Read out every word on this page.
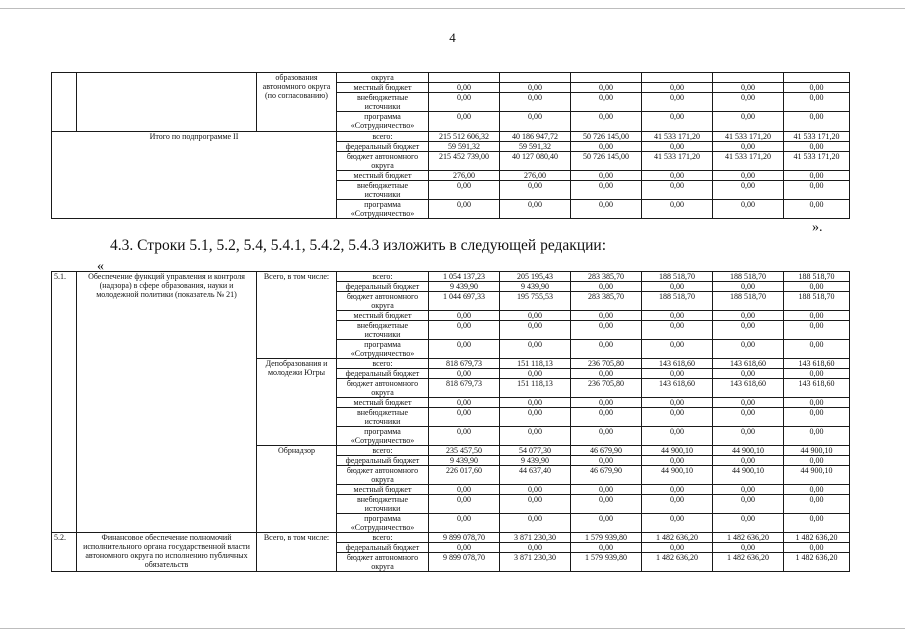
4
		образования автономного округа (по согласованию)	округа						
			местный бюджет	0,00	0,00	0,00	0,00	0,00	0,00
			внебюджетные источники	0,00	0,00	0,00	0,00	0,00	0,00
			программа «Сотрудничество»	0,00	0,00	0,00	0,00	0,00	0,00
Итого по подпрограмме II			всего:	215 512 606,32	40 186 947,72	50 726 145,00	41 533 171,20	41 533 171,20	41 533 171,20
			федеральный бюджет	59 591,32	59 591,32	0,00	0,00	0,00	0,00
			бюджет автономного округа	215 452 739,00	40 127 080,40	50 726 145,00	41 533 171,20	41 533 171,20	41 533 171,20
			местный бюджет	276,00	276,00	0,00	0,00	0,00	0,00
			внебюджетные источники	0,00	0,00	0,00	0,00	0,00	0,00
			программа «Сотрудничество»	0,00	0,00	0,00	0,00	0,00	0,00
».
4.3. Строки 5.1, 5.2, 5.4, 5.4.1, 5.4.2, 5.4.3 изложить в следующей редакции:
«
5.1.	Обеспечение функций управления и контроля (надзора) в сфере образования, науки и молодежной политики (показатель № 21)	Всего, в том числе:	всего:	1 054 137,23	205 195,43	283 385,70	188 518,70	188 518,70	188 518,70
			федеральный бюджет	9 439,90	9 439,90	0,00	0,00	0,00	0,00
			бюджет автономного округа	1 044 697,33	195 755,53	283 385,70	188 518,70	188 518,70	188 518,70
			местный бюджет	0,00	0,00	0,00	0,00	0,00	0,00
			внебюджетные источники	0,00	0,00	0,00	0,00	0,00	0,00
			программа «Сотрудничество»	0,00	0,00	0,00	0,00	0,00	0,00
		Депобразования и молодежи Югры	всего:	818 679,73	151 118,13	236 705,80	143 618,60	143 618,60	143 618,60
			федеральный бюджет	0,00	0,00	0,00	0,00	0,00	0,00
			бюджет автономного округа	818 679,73	151 118,13	236 705,80	143 618,60	143 618,60	143 618,60
			местный бюджет	0,00	0,00	0,00	0,00	0,00	0,00
			внебюджетные источники	0,00	0,00	0,00	0,00	0,00	0,00
			программа «Сотрудничество»	0,00	0,00	0,00	0,00	0,00	0,00
		Обрнадзор	всего:	235 457,50	54 077,30	46 679,90	44 900,10	44 900,10	44 900,10
			федеральный бюджет	9 439,90	9 439,90	0,00	0,00	0,00	0,00
			бюджет автономного округа	226 017,60	44 637,40	46 679,90	44 900,10	44 900,10	44 900,10
			местный бюджет	0,00	0,00	0,00	0,00	0,00	0,00
			внебюджетные источники	0,00	0,00	0,00	0,00	0,00	0,00
			программа «Сотрудничество»	0,00	0,00	0,00	0,00	0,00	0,00
5.2.	Финансовое обеспечение полномочий исполнительного органа государственной власти автономного округа по исполнению публичных обязательств	Всего, в том числе:	всего:	9 899 078,70	3 871 230,30	1 579 939,80	1 482 636,20	1 482 636,20	1 482 636,20
			федеральный бюджет	0,00	0,00	0,00	0,00	0,00	0,00
			бюджет автономного округа	9 899 078,70	3 871 230,30	1 579 939,80	1 482 636,20	1 482 636,20	1 482 636,20
